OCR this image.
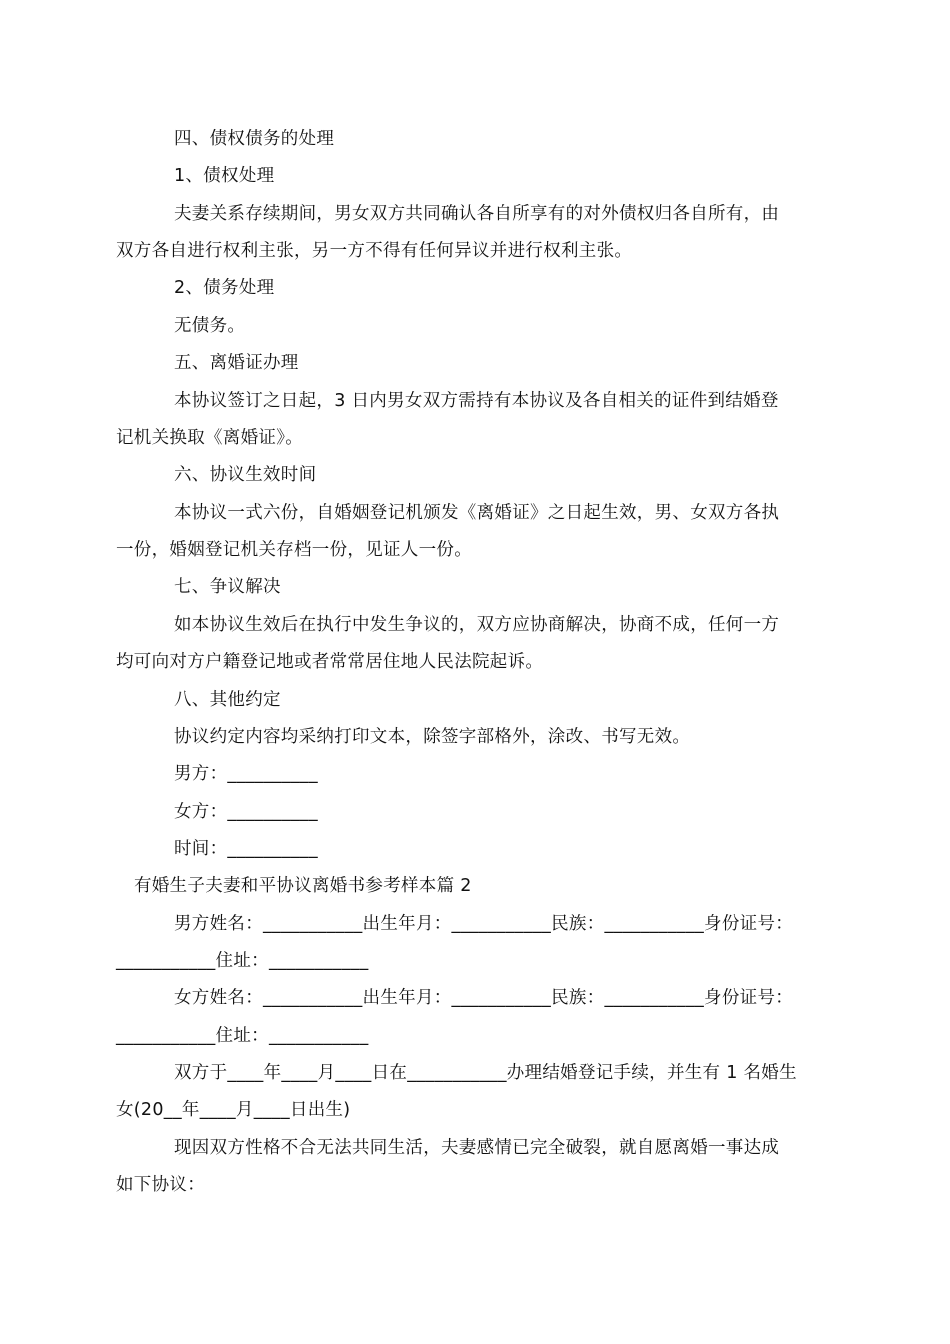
四、债权债务的处理
1、债权处理
夫妻关系存续期间，男女双方共同确认各自所享有的对外债权归各自所有，由
双方各自进行权利主张，另一方不得有任何异议并进行权利主张。
2、债务处理
无债务。
五、离婚证办理
本协议签订之日起，3 日内男女双方需持有本协议及各自相关的证件到结婚登
记机关换取《离婚证》。
六、协议生效时间
本协议一式六份，自婚姻登记机颁发《离婚证》之日起生效，男、女双方各执
一份，婚姻登记机关存档一份，见证人一份。
七、争议解决
如本协议生效后在执行中发生争议的，双方应协商解决，协商不成，任何一方
均可向对方户籍登记地或者常常居住地人民法院起诉。
八、其他约定
协议约定内容均采纳打印文本，除签字部格外，涂改、书写无效。
男方：__________
女方：__________
时间：__________
有婚生子夫妻和平协议离婚书参考样本篇 2
男方姓名：___________出生年月：___________民族：___________身份证号：
___________住址：___________
女方姓名：___________出生年月：___________民族：___________身份证号：
___________住址：___________
双方于____年____月____日在___________办理结婚登记手续，并生有 1 名婚生
女(20__年____月____日出生)
现因双方性格不合无法共同生活，夫妻感情已完全破裂，就自愿离婚一事达成
如下协议：
